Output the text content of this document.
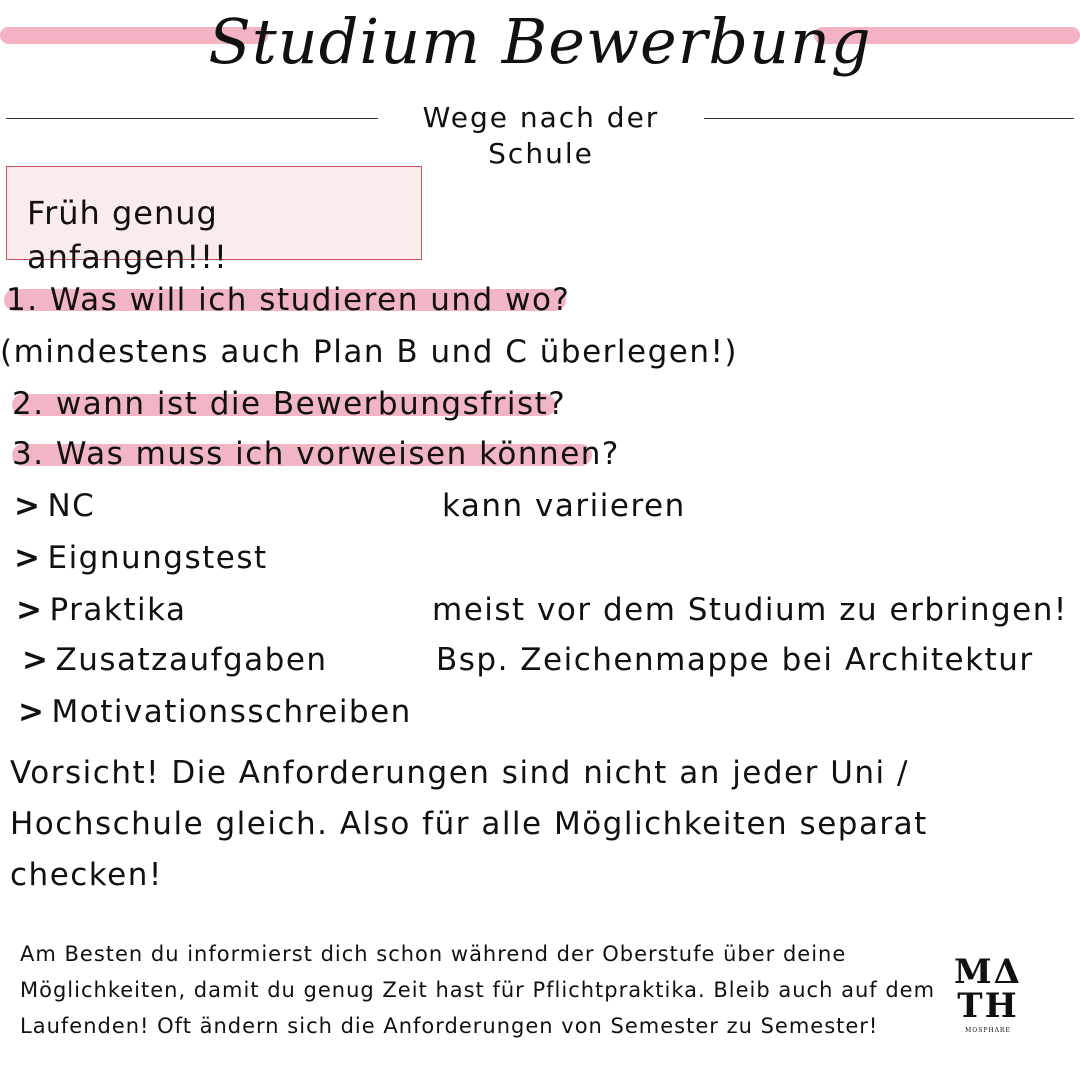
Studium Bewerbung
Wege nach der Schule
Früh genug anfangen!!!
1. Was will ich studieren und wo?
(mindestens auch Plan B und C überlegen!)
2. wann ist die Bewerbungsfrist?
3. Was muss ich vorweisen können?
> NC	kann variieren
> Eignungstest
> Praktika	meist vor dem Studium zu erbringen!
> Zusatzaufgaben	Bsp. Zeichenmappe bei Architektur
> Motivationsschreiben
Vorsicht! Die Anforderungen sind nicht an jeder Uni / Hochschule gleich. Also für alle Möglichkeiten separat checken!
Am Besten du informierst dich schon während der Oberstufe über deine Möglichkeiten, damit du genug Zeit hast für Pflichtpraktika. Bleib auch auf dem Laufenden! Oft ändern sich die Anforderungen von Semester zu Semester!
MΔ
TH
MOSPHARE
